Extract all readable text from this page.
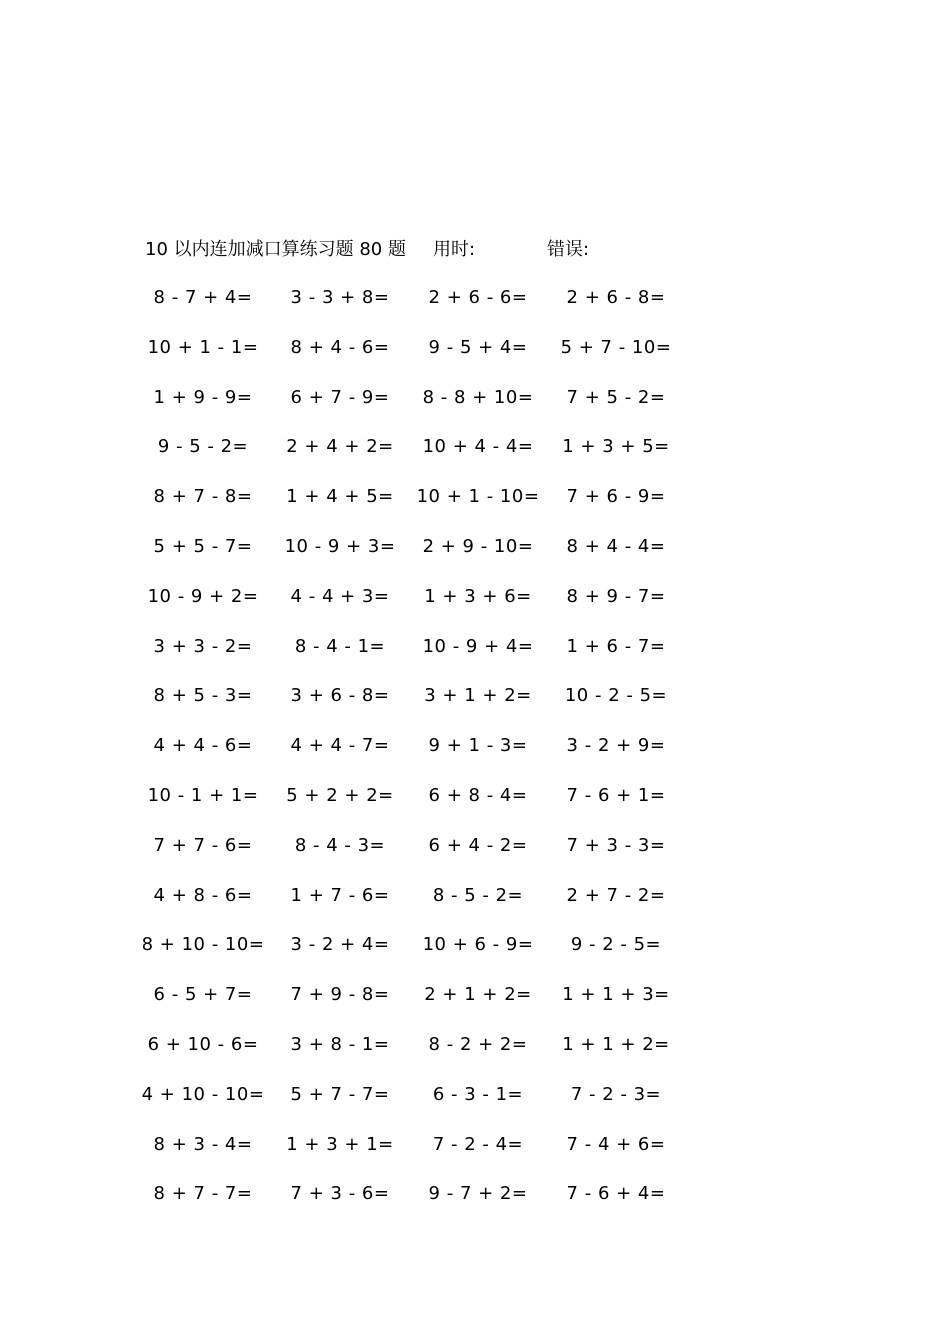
10 以内连加减口算练习题 80 题 用时:	错误:
8 - 7 + 4= 3 - 3 + 8= 2 + 6 - 6= 2 + 6 - 8=
10 + 1 - 1= 8 + 4 - 6= 9 - 5 + 4= 5 + 7 - 10=
1 + 9 - 9= 6 + 7 - 9= 8 - 8 + 10= 7 + 5 - 2=
9 - 5 - 2= 2 + 4 + 2= 10 + 4 - 4= 1 + 3 + 5=
8 + 7 - 8= 1 + 4 + 5= 10 + 1 - 10= 7 + 6 - 9=
5 + 5 - 7= 10 - 9 + 3= 2 + 9 - 10= 8 + 4 - 4=
10 - 9 + 2= 4 - 4 + 3= 1 + 3 + 6= 8 + 9 - 7=
3 + 3 - 2= 8 - 4 - 1= 10 - 9 + 4= 1 + 6 - 7=
8 + 5 - 3= 3 + 6 - 8= 3 + 1 + 2= 10 - 2 - 5=
4 + 4 - 6= 4 + 4 - 7= 9 + 1 - 3= 3 - 2 + 9=
10 - 1 + 1= 5 + 2 + 2= 6 + 8 - 4= 7 - 6 + 1=
7 + 7 - 6= 8 - 4 - 3= 6 + 4 - 2= 7 + 3 - 3=
4 + 8 - 6= 1 + 7 - 6= 8 - 5 - 2= 2 + 7 - 2=
8 + 10 - 10= 3 - 2 + 4= 10 + 6 - 9= 9 - 2 - 5=
6 - 5 + 7= 7 + 9 - 8= 2 + 1 + 2= 1 + 1 + 3=
6 + 10 - 6= 3 + 8 - 1= 8 - 2 + 2= 1 + 1 + 2=
4 + 10 - 10= 5 + 7 - 7= 6 - 3 - 1=	7 - 2 - 3=
8 + 3 - 4= 1 + 3 + 1= 7 - 2 - 4= 7 - 4 + 6=
8 + 7 - 7= 7 + 3 - 6= 9 - 7 + 2= 7 - 6 + 4=
